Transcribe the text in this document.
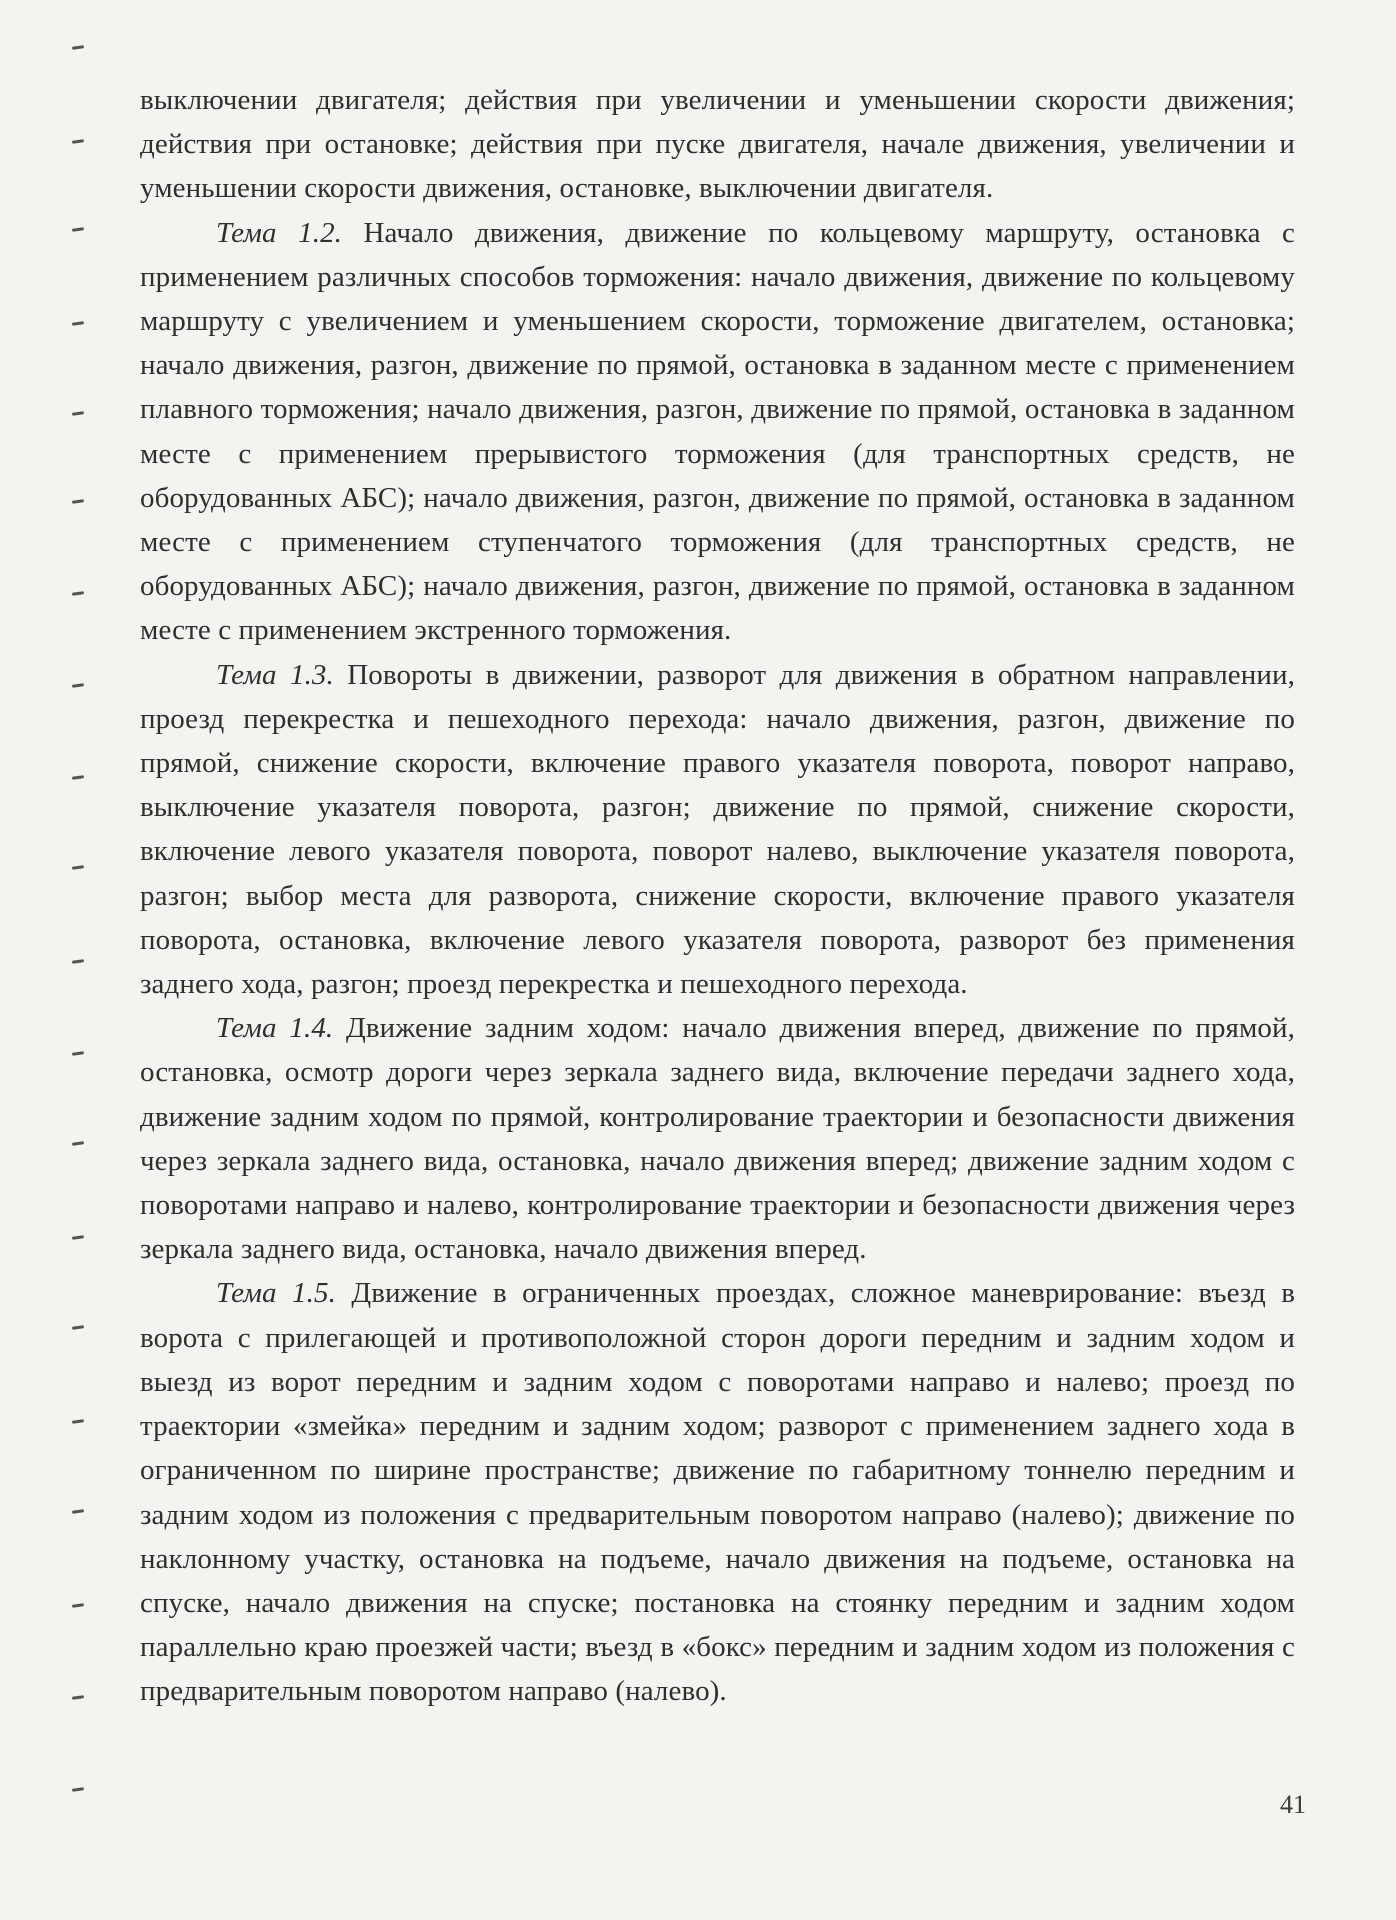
выключении двигателя; действия при увеличении и уменьшении скорости движения; действия при остановке; действия при пуске двигателя, начале движения, увеличении и уменьшении скорости движения, остановке, выключении двигателя.

Тема 1.2. Начало движения, движение по кольцевому маршруту, остановка с применением различных способов торможения: начало движения, движение по кольцевому маршруту с увеличением и уменьшением скорости, торможение двигателем, остановка; начало движения, разгон, движение по прямой, остановка в заданном месте с применением плавного торможения; начало движения, разгон, движение по прямой, остановка в заданном месте с применением прерывистого торможения (для транспортных средств, не оборудованных АБС); начало движения, разгон, движение по прямой, остановка в заданном месте с применением ступенчатого торможения (для транспортных средств, не оборудованных АБС); начало движения, разгон, движение по прямой, остановка в заданном месте с применением экстренного торможения.

Тема 1.3. Повороты в движении, разворот для движения в обратном направлении, проезд перекрестка и пешеходного перехода: начало движения, разгон, движение по прямой, снижение скорости, включение правого указателя поворота, поворот направо, выключение указателя поворота, разгон; движение по прямой, снижение скорости, включение левого указателя поворота, поворот налево, выключение указателя поворота, разгон; выбор места для разворота, снижение скорости, включение правого указателя поворота, остановка, включение левого указателя поворота, разворот без применения заднего хода, разгон; проезд перекрестка и пешеходного перехода.

Тема 1.4. Движение задним ходом: начало движения вперед, движение по прямой, остановка, осмотр дороги через зеркала заднего вида, включение передачи заднего хода, движение задним ходом по прямой, контролирование траектории и безопасности движения через зеркала заднего вида, остановка, начало движения вперед; движение задним ходом с поворотами направо и налево, контролирование траектории и безопасности движения через зеркала заднего вида, остановка, начало движения вперед.

Тема 1.5. Движение в ограниченных проездах, сложное маневрирование: въезд в ворота с прилегающей и противоположной сторон дороги передним и задним ходом и выезд из ворот передним и задним ходом с поворотами направо и налево; проезд по траектории «змейка» передним и задним ходом; разворот с применением заднего хода в ограниченном по ширине пространстве; движение по габаритному тоннелю передним и задним ходом из положения с предварительным поворотом направо (налево); движение по наклонному участку, остановка на подъеме, начало движения на подъеме, остановка на спуске, начало движения на спуске; постановка на стоянку передним и задним ходом параллельно краю проезжей части; въезд в «бокс» передним и задним ходом из положения с предварительным поворотом направо (налево).

41
